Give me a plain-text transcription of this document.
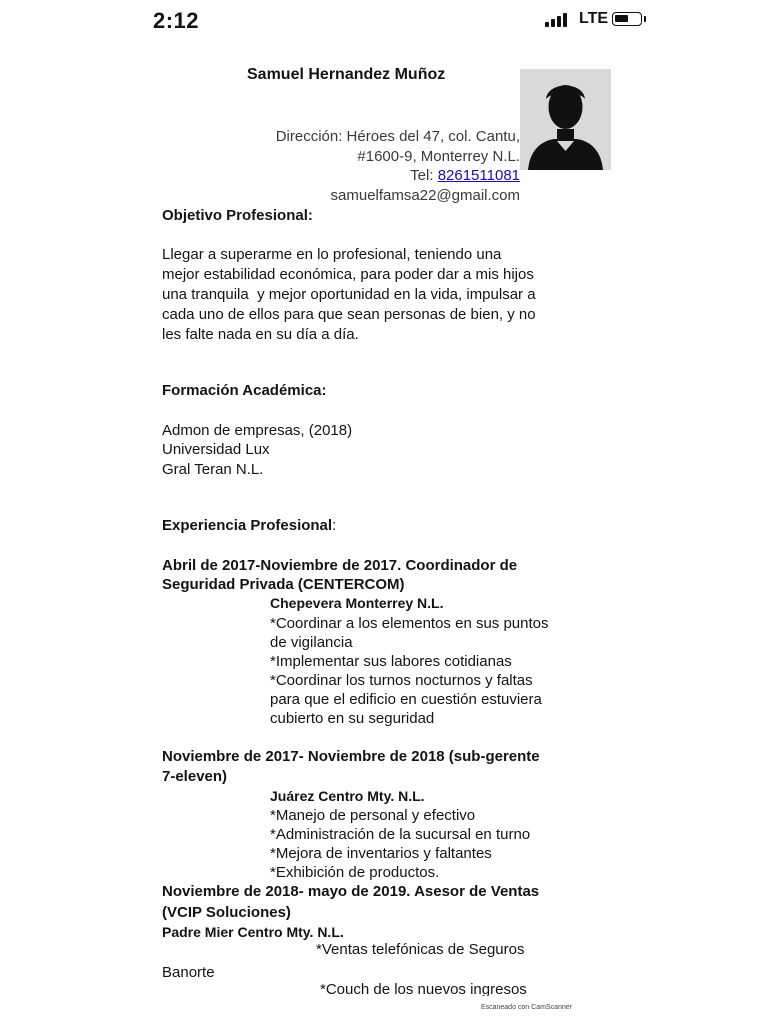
2:12	LTE
Samuel Hernandez Muñoz
Dirección: Héroes del 47, col. Cantu,
#1600-9, Monterrey N.L.
Tel: 8261511081
samuelfamsa22@gmail.com
Objetivo Profesional:
Llegar a superarme en lo profesional, teniendo una
mejor estabilidad económica, para poder dar a mis hijos
una tranquila  y mejor oportunidad en la vida, impulsar a
cada uno de ellos para que sean personas de bien, y no
les falte nada en su día a día.
Formación Académica:
Admon de empresas, (2018)
Universidad Lux
Gral Teran N.L.
Experiencia Profesional:
Abril de 2017-Noviembre de 2017. Coordinador de
Seguridad Privada (CENTERCOM)
Chepevera Monterrey N.L.
*Coordinar a los elementos en sus puntos
de vigilancia
*Implementar sus labores cotidianas
*Coordinar los turnos nocturnos y faltas
para que el edificio en cuestión estuviera
cubierto en su seguridad
Noviembre de 2017- Noviembre de 2018 (sub-gerente
7-eleven)
Juárez Centro Mty. N.L.
*Manejo de personal y efectivo
*Administración de la sucursal en turno
*Mejora de inventarios y faltantes
*Exhibición de productos.
Noviembre de 2018- mayo de 2019. Asesor de Ventas
(VCIP Soluciones)
Padre Mier Centro Mty. N.L.
*Ventas telefónicas de Seguros
Banorte
*Couch de los nuevos ingresos
Escaneado con CamScanner
